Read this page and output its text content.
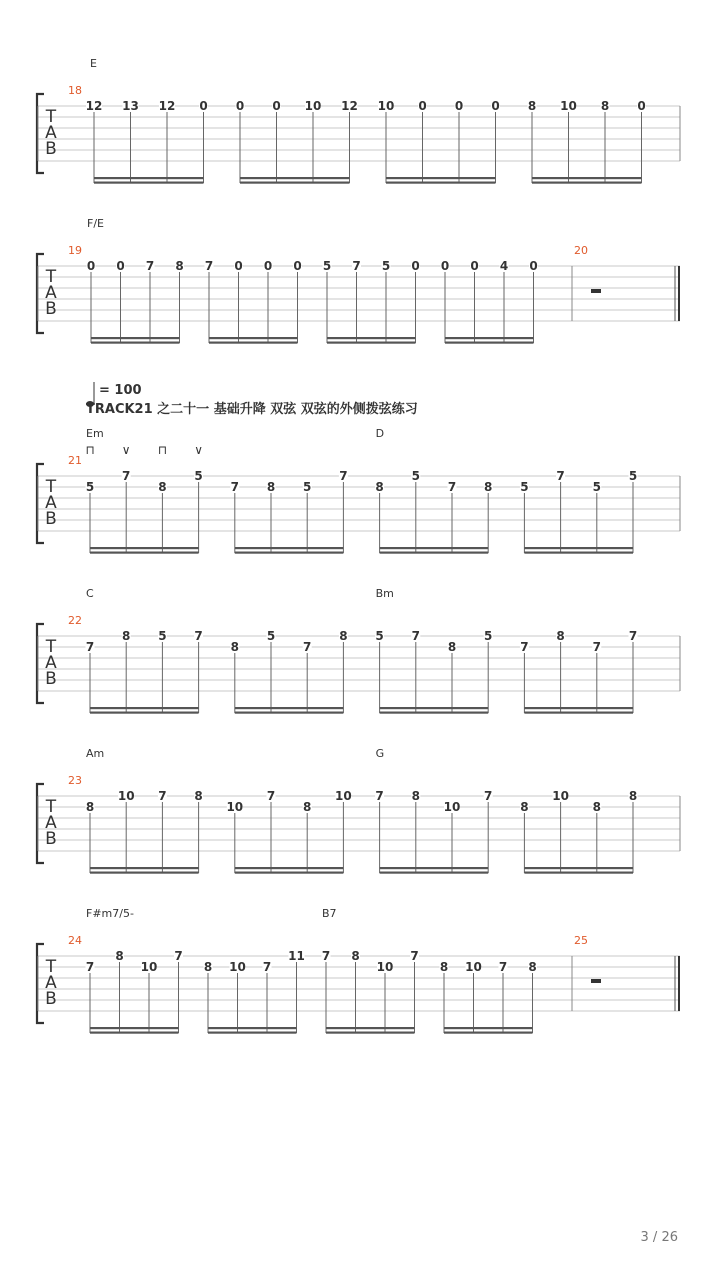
T
A
B
18
12 13 12 0 0 0 10 12 10 0 0 0 8 10 8 0
E
T
A
B
19
0 0 7 8 7 0 0 0 5 7 5 0 0 0 4 0
20
F/E
T
A
B
21
5
7
8
5
7 8 5
7
8
5
7 8 5
7
5
5
Em	D
⊓ ∨ ⊓ ∨
T
A
B
22
7
8 5 7
8
5
7
8 5 7
8
5
7
8
7
7
C	Bm
T
A
B
23
8
10 7 8
10
7
8
10 7 8
10
7
8
10
8
8
Am	G
T
A
B
24
7
8
10
7
8 10 7
11 7 8
10
7
8 10 7 8
25
F#m7/5-	B7
= 100
TRACK21 之二十一 基础升降 双弦 双弦的外侧拨弦练习
3 / 26
